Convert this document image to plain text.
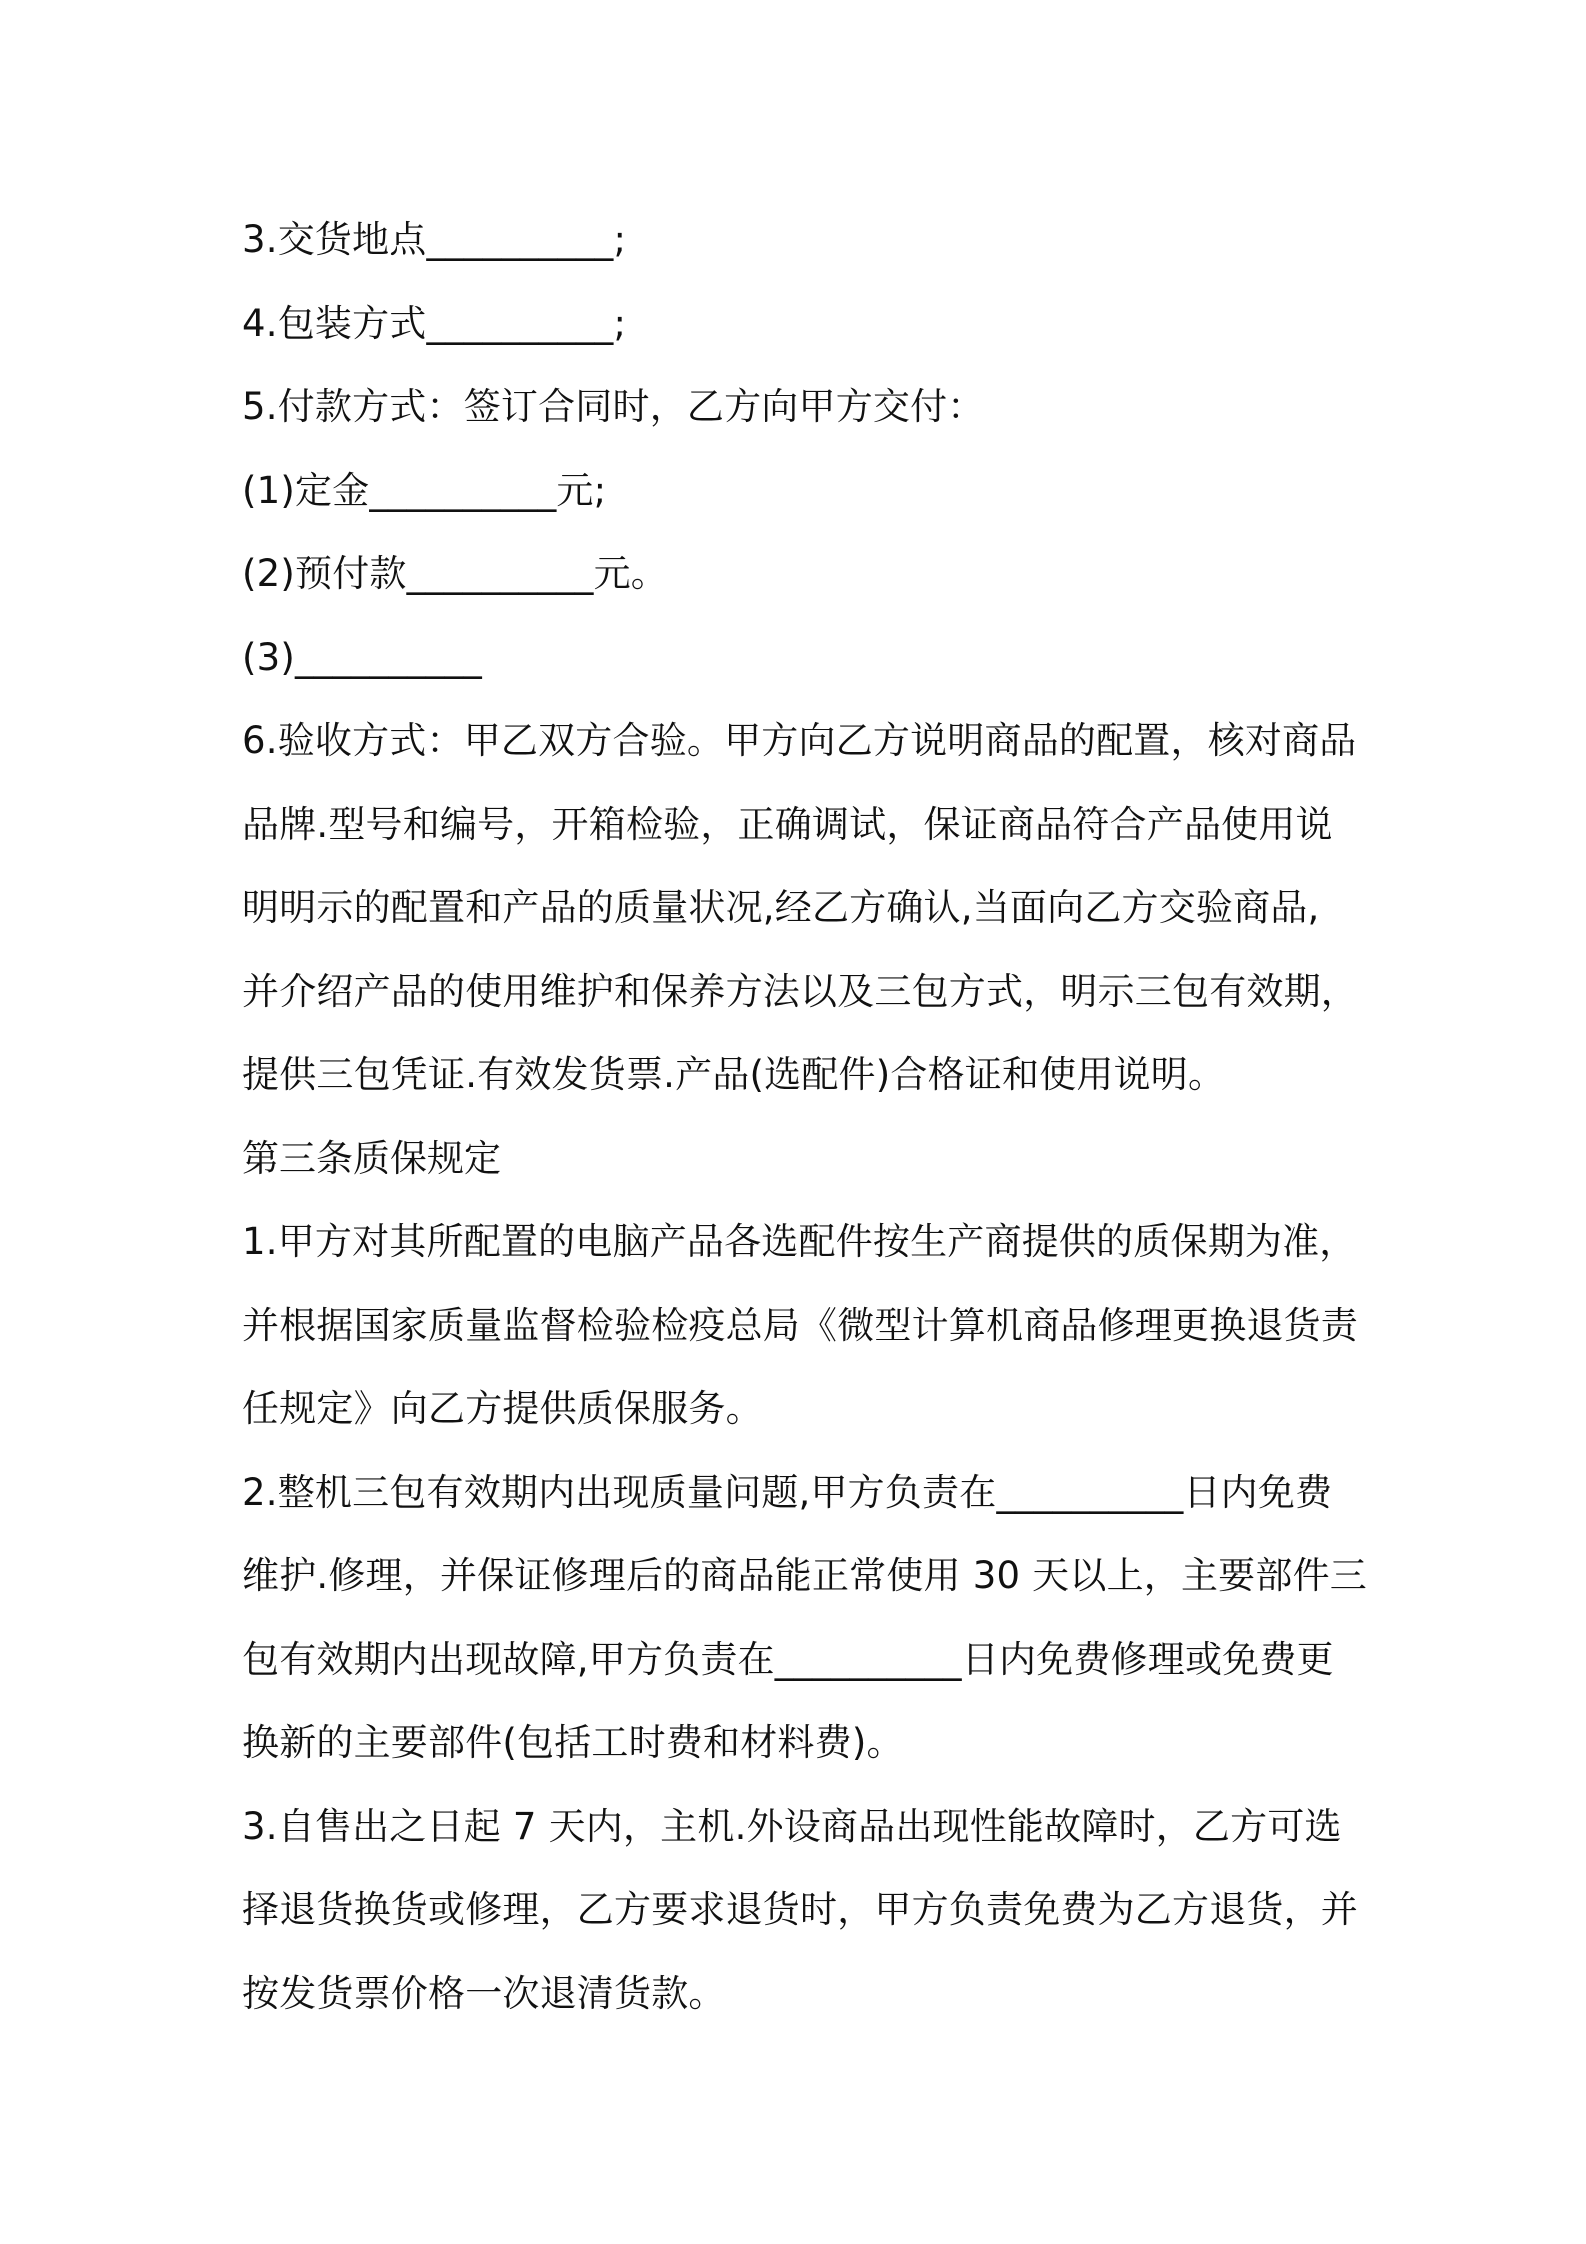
3.交货地点__________;
4.包装方式__________;
5.付款方式：签订合同时，乙方向甲方交付：
(1)定金__________元;
(2)预付款__________元。
(3)__________
6.验收方式：甲乙双方合验。甲方向乙方说明商品的配置，核对商品
品牌.型号和编号，开箱检验，正确调试，保证商品符合产品使用说
明明示的配置和产品的质量状况,经乙方确认,当面向乙方交验商品,
并介绍产品的使用维护和保养方法以及三包方式，明示三包有效期，
提供三包凭证.有效发货票.产品(选配件)合格证和使用说明。
第三条质保规定
1.甲方对其所配置的电脑产品各选配件按生产商提供的质保期为准，
并根据国家质量监督检验检疫总局《微型计算机商品修理更换退货责
任规定》向乙方提供质保服务。
2.整机三包有效期内出现质量问题,甲方负责在__________日内免费
维护.修理，并保证修理后的商品能正常使用 30 天以上，主要部件三
包有效期内出现故障,甲方负责在__________日内免费修理或免费更
换新的主要部件(包括工时费和材料费)。
3.自售出之日起 7 天内，主机.外设商品出现性能故障时，乙方可选
择退货换货或修理，乙方要求退货时，甲方负责免费为乙方退货，并
按发货票价格一次退清货款。
